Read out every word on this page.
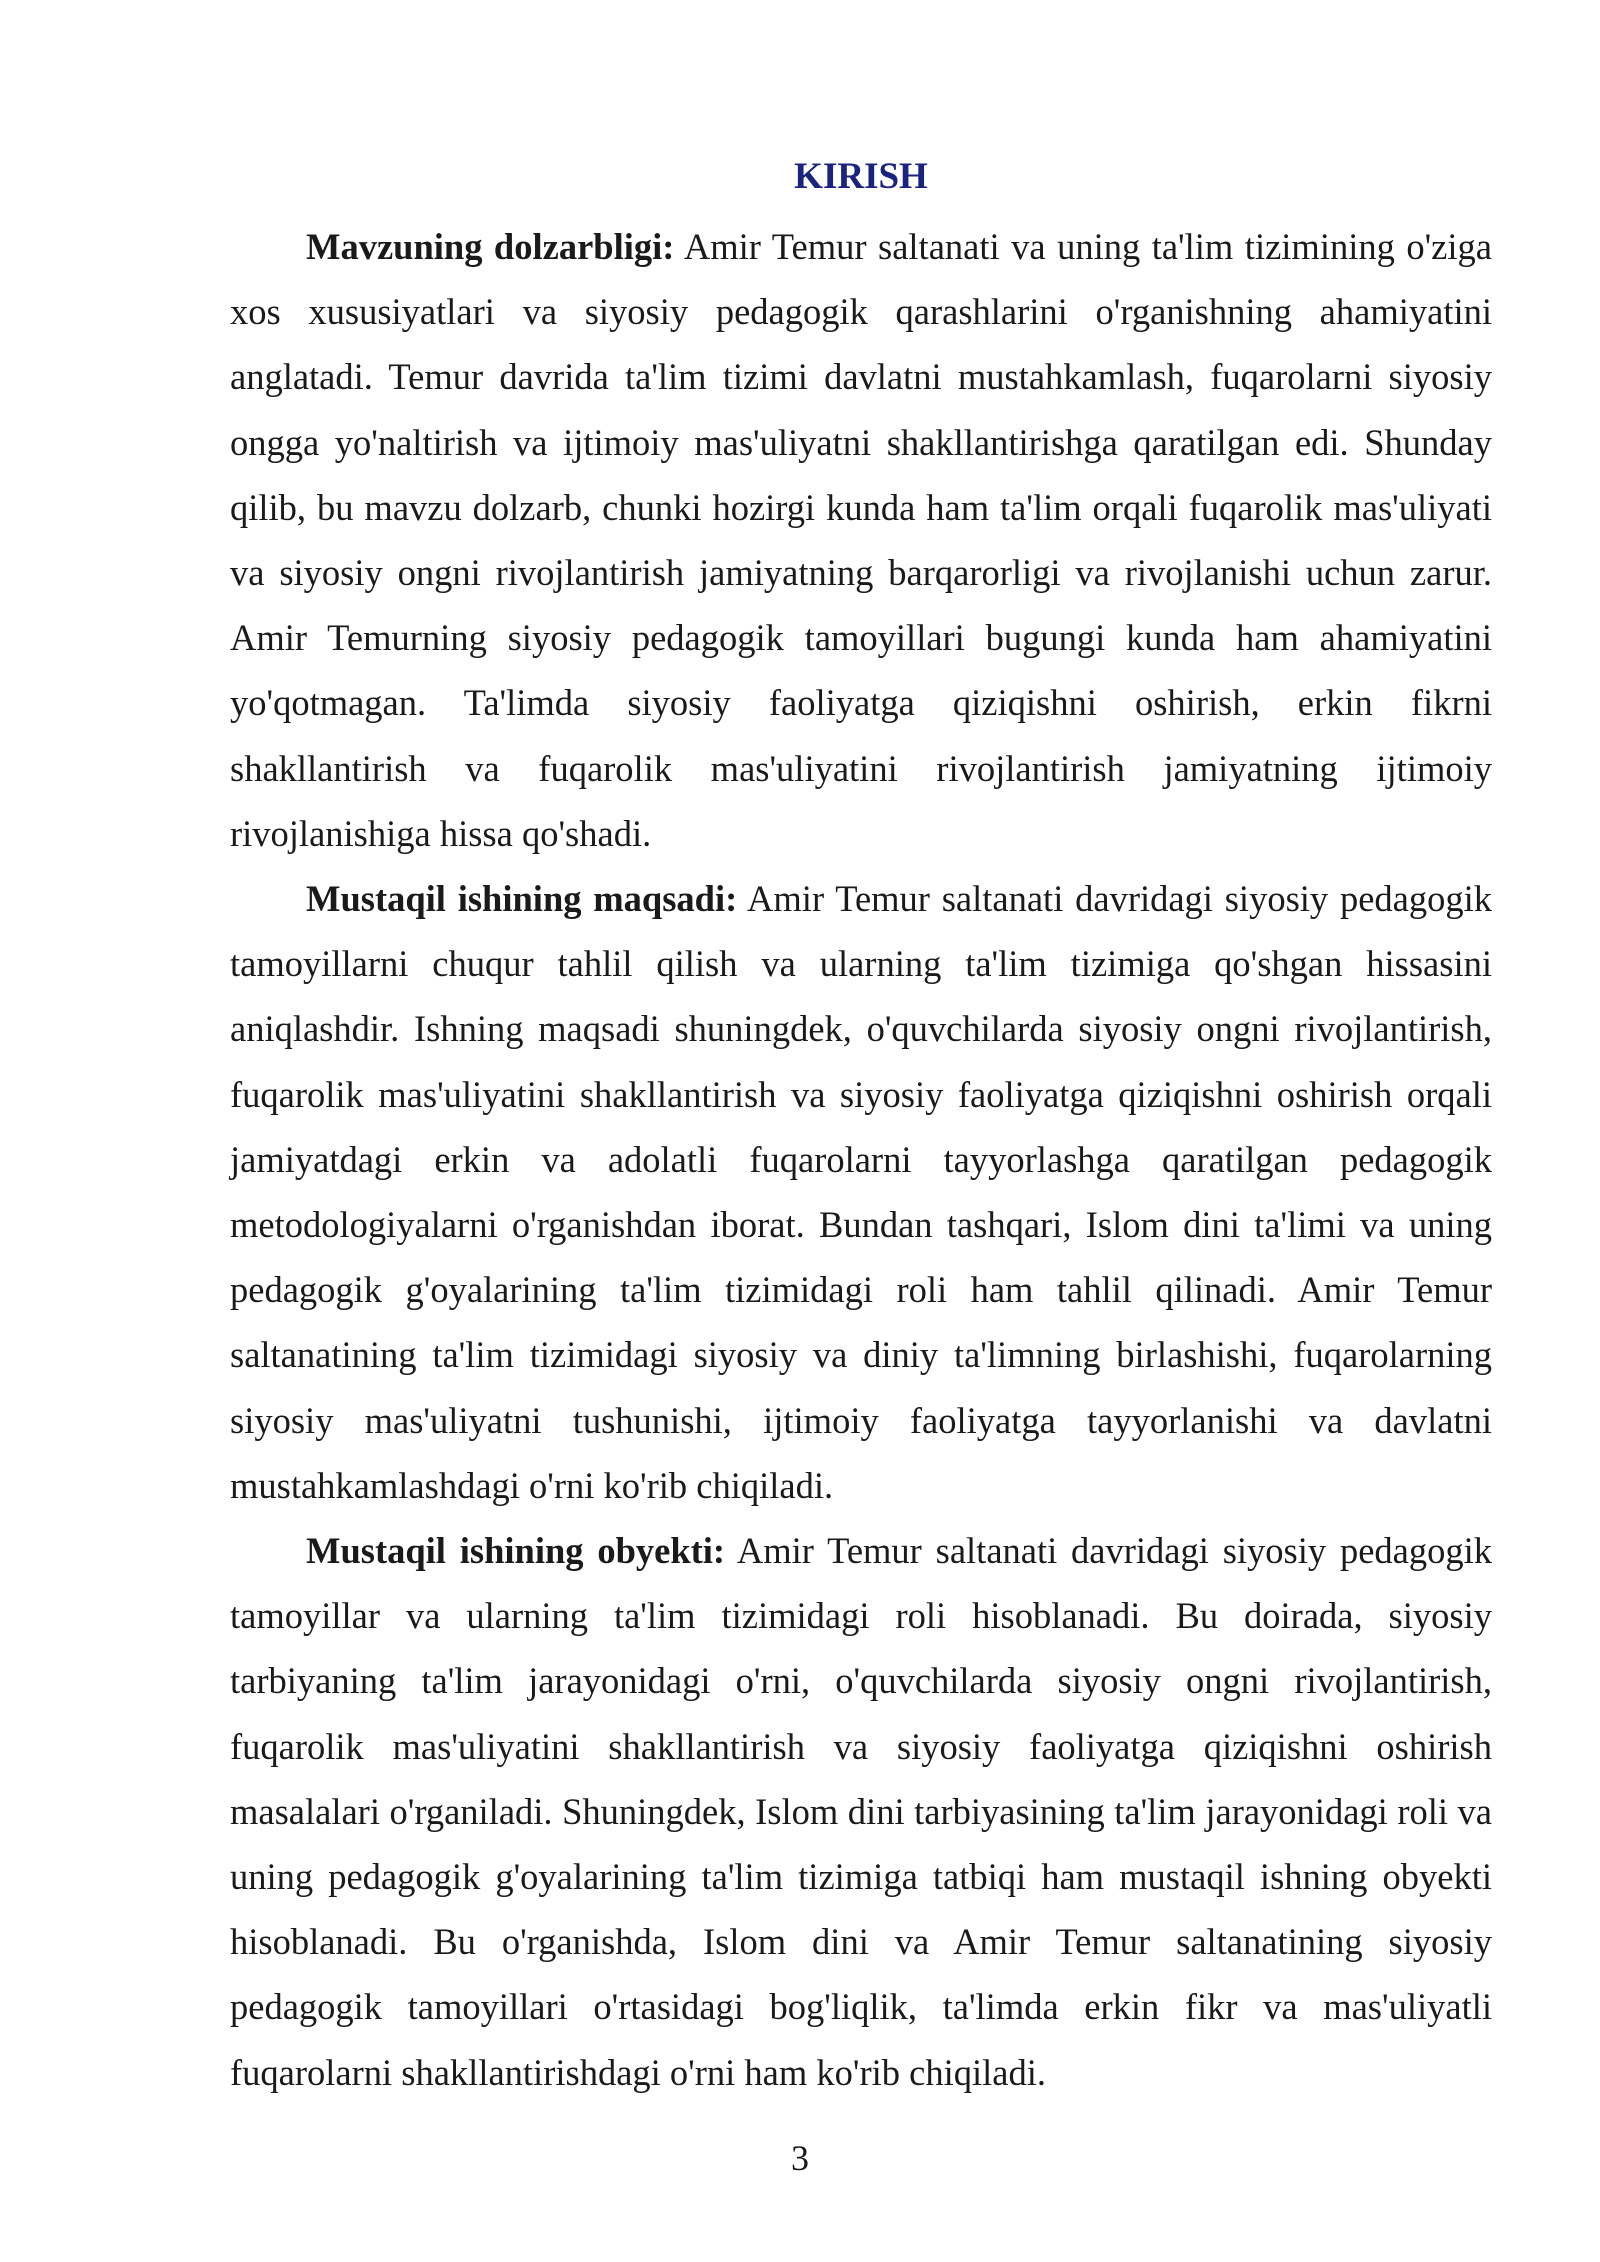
KIRISH

Mavzuning dolzarbligi: Amir Temur saltanati va uning ta'lim tizimining o'ziga xos xususiyatlari va siyosiy pedagogik qarashlarini o'rganishning ahamiyatini anglatadi. Temur davrida ta'lim tizimi davlatni mustahkamlash, fuqarolarni siyosiy ongga yo'naltirish va ijtimoiy mas'uliyatni shakllantirishga qaratilgan edi. Shunday qilib, bu mavzu dolzarb, chunki hozirgi kunda ham ta'lim orqali fuqarolik mas'uliyati va siyosiy ongni rivojlantirish jamiyatning barqarorligi va rivojlanishi uchun zarur. Amir Temurning siyosiy pedagogik tamoyillari bugungi kunda ham ahamiyatini yo'qotmagan. Ta'limda siyosiy faoliyatga qiziqishni oshirish, erkin fikrni shakllantirish va fuqarolik mas'uliyatini rivojlantirish jamiyatning ijtimoiy rivojlanishiga hissa qo'shadi.

Mustaqil ishining maqsadi: Amir Temur saltanati davridagi siyosiy pedagogik tamoyillarni chuqur tahlil qilish va ularning ta'lim tizimiga qo'shgan hissasini aniqlashdir. Ishning maqsadi shuningdek, o'quvchilarda siyosiy ongni rivojlantirish, fuqarolik mas'uliyatini shakllantirish va siyosiy faoliyatga qiziqishni oshirish orqali jamiyatdagi erkin va adolatli fuqarolarni tayyorlashga qaratilgan pedagogik metodologiyalarni o'rganishdan iborat. Bundan tashqari, Islom dini ta'limi va uning pedagogik g'oyalarining ta'lim tizimidagi roli ham tahlil qilinadi. Amir Temur saltanatining ta'lim tizimidagi siyosiy va diniy ta'limning birlashishi, fuqarolarning siyosiy mas'uliyatni tushunishi, ijtimoiy faoliyatga tayyorlanishi va davlatni mustahkamlashdagi o'rni ko'rib chiqiladi.

Mustaqil ishining obyekti: Amir Temur saltanati davridagi siyosiy pedagogik tamoyillar va ularning ta'lim tizimidagi roli hisoblanadi. Bu doirada, siyosiy tarbiyaning ta'lim jarayonidagi o'rni, o'quvchilarda siyosiy ongni rivojlantirish, fuqarolik mas'uliyatini shakllantirish va siyosiy faoliyatga qiziqishni oshirish masalalari o'rganiladi. Shuningdek, Islom dini tarbiyasining ta'lim jarayonidagi roli va uning pedagogik g'oyalarining ta'lim tizimiga tatbiqi ham mustaqil ishning obyekti hisoblanadi. Bu o'rganishda, Islom dini va Amir Temur saltanatining siyosiy pedagogik tamoyillari o'rtasidagi bog'liqlik, ta'limda erkin fikr va mas'uliyatli fuqarolarni shakllantirishdagi o'rni ham ko'rib chiqiladi.

3
